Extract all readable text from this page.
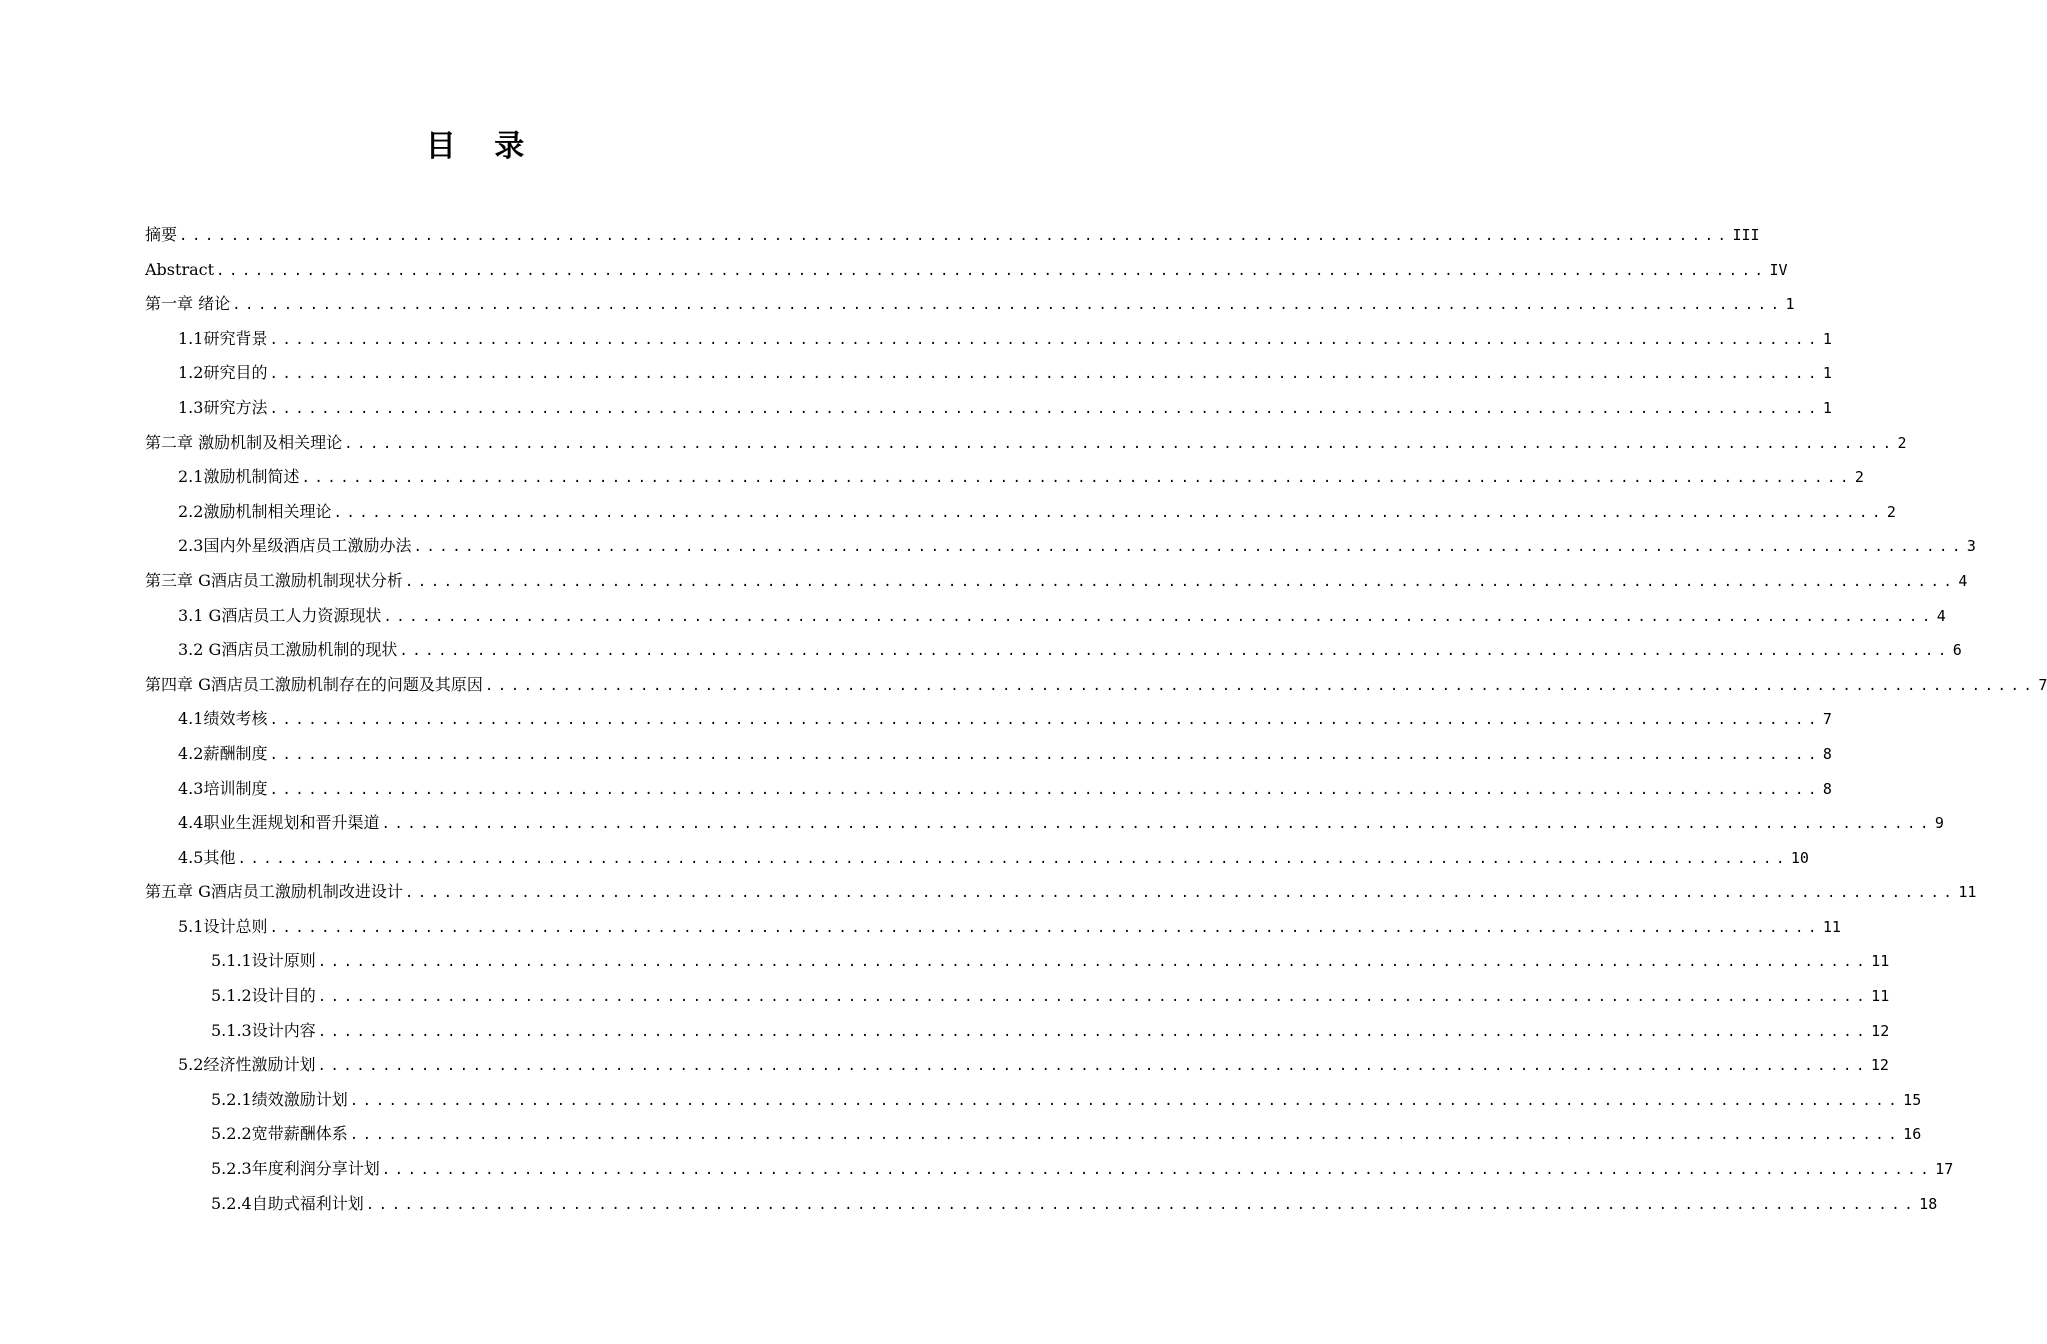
目 录
摘要 ........................................................................................................................ III
Abstract ........................................................................................................................ IV
第一章 绪论 ........................................................................................................................ 1
1.1研究背景 ........................................................................................................................ 1
1.2研究目的 ........................................................................................................................ 1
1.3研究方法 ........................................................................................................................ 1
第二章 激励机制及相关理论 ........................................................................................................................ 2
2.1激励机制简述 ........................................................................................................................ 2
2.2激励机制相关理论 ........................................................................................................................ 2
2.3国内外星级酒店员工激励办法 ........................................................................................................................ 3
第三章 G酒店员工激励机制现状分析 ........................................................................................................................ 4
3.1 G酒店员工人力资源现状 ........................................................................................................................ 4
3.2 G酒店员工激励机制的现状 ........................................................................................................................ 6
第四章 G酒店员工激励机制存在的问题及其原因 ........................................................................................................................ 7
4.1绩效考核 ........................................................................................................................ 7
4.2薪酬制度 ........................................................................................................................ 8
4.3培训制度 ........................................................................................................................ 8
4.4职业生涯规划和晋升渠道 ........................................................................................................................ 9
4.5其他 ........................................................................................................................ 10
第五章 G酒店员工激励机制改进设计 ........................................................................................................................ 11
5.1设计总则 ........................................................................................................................ 11
5.1.1设计原则 ........................................................................................................................ 11
5.1.2设计目的 ........................................................................................................................ 11
5.1.3设计内容 ........................................................................................................................ 12
5.2经济性激励计划 ........................................................................................................................ 12
5.2.1绩效激励计划 ........................................................................................................................ 15
5.2.2宽带薪酬体系 ........................................................................................................................ 16
5.2.3年度利润分享计划 ........................................................................................................................ 17
5.2.4自助式福利计划 ........................................................................................................................ 18
